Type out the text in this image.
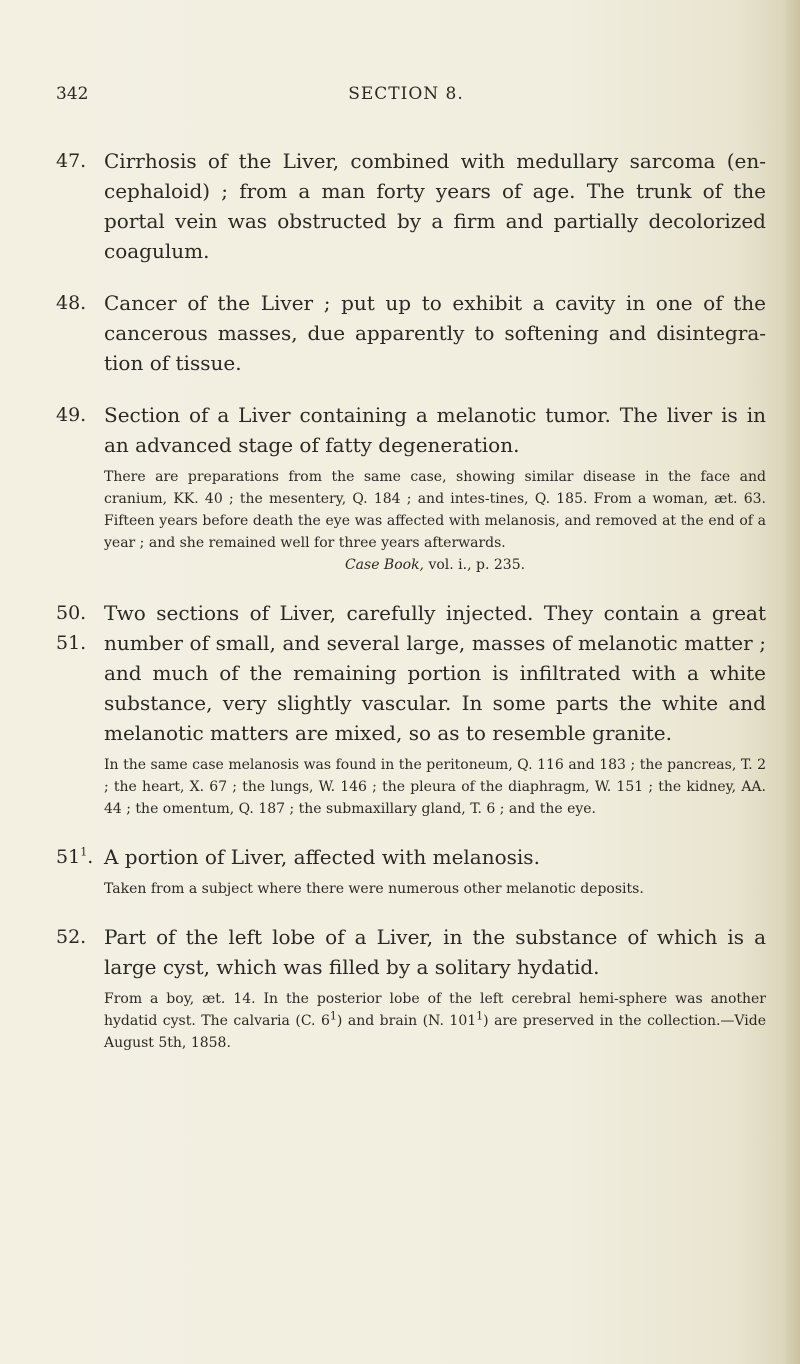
342	SECTION 8.
47. Cirrhosis of the Liver, combined with medullary sarcoma (en-cephaloid) ; from a man forty years of age. The trunk of the portal vein was obstructed by a firm and partially decolorized coagulum.

48. Cancer of the Liver ; put up to exhibit a cavity in one of the cancerous masses, due apparently to softening and disintegra-tion of tissue.

49. Section of a Liver containing a melanotic tumor. The liver is in an advanced stage of fatty degeneration.

There are preparations from the same case, showing similar disease in the face and cranium, KK. 40 ; the mesentery, Q. 184 ; and intes-tines, Q. 185. From a woman, æt. 63. Fifteen years before death the eye was affected with melanosis, and removed at the end of a year ; and she remained well for three years afterwards.

Case Book, vol. i., p. 235.

50.
51.

Two sections of Liver, carefully injected. They contain a great number of small, and several large, masses of melanotic matter ; and much of the remaining portion is infiltrated with a white substance, very slightly vascular. In some parts the white and melanotic matters are mixed, so as to resemble granite.

In the same case melanosis was found in the peritoneum, Q. 116 and 183 ; the pancreas, T. 2 ; the heart, X. 67 ; the lungs, W. 146 ; the pleura of the diaphragm, W. 151 ; the kidney, AA. 44 ; the omentum, Q. 187 ; the submaxillary gland, T. 6 ; and the eye.

$51^1$. A portion of Liver, affected with melanosis.

Taken from a subject where there were numerous other melanotic deposits.

52. Part of the left lobe of a Liver, in the substance of which is a large cyst, which was filled by a solitary hydatid.

From a boy, æt. 14. In the posterior lobe of the left cerebral hemi-sphere was another hydatid cyst. The calvaria (C. $6^1$) and brain (N. $101^1$) are preserved in the collection.—Vide August 5th, 1858.
